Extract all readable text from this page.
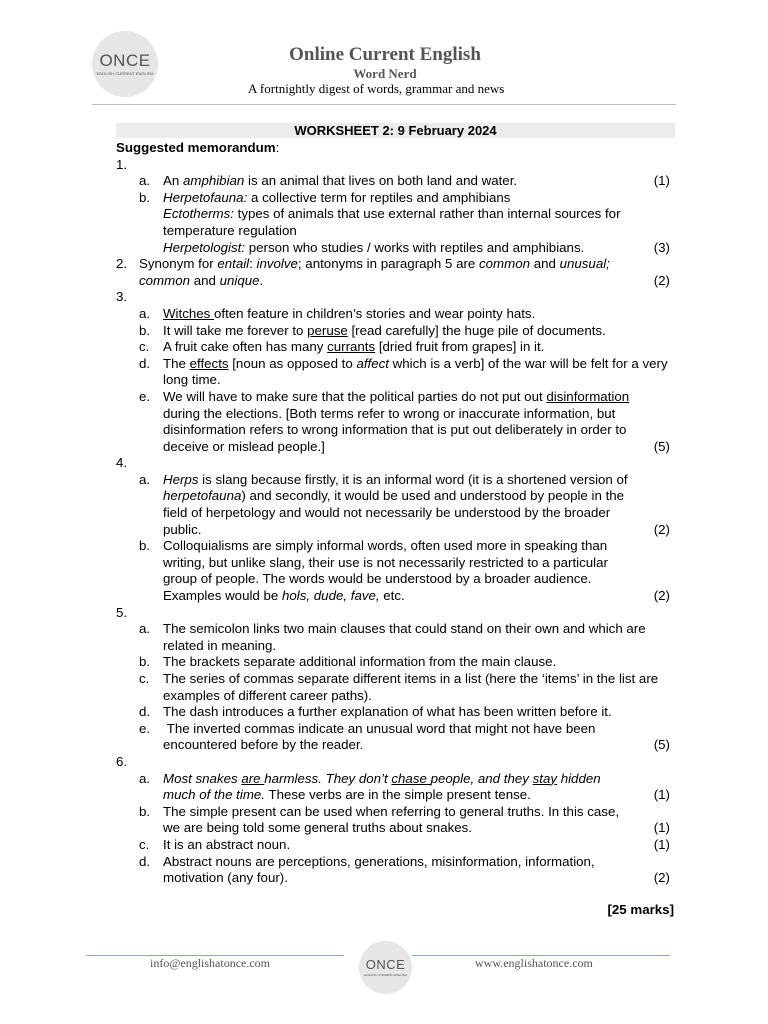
ONCE
ENGLISH CURRENT ENGLISH
Online Current English
Word Nerd
A fortnightly digest of words, grammar and news
WORKSHEET 2: 9 February 2024

Suggested memorandum:

1.
a. An amphibian is an animal that lives on both land and water.	(1)
b. Herpetofauna: a collective term for reptiles and amphibians
Ectotherms: types of animals that use external rather than internal sources for temperature regulation
Herpetologist: person who studies / works with reptiles and amphibians.	(3)
2. Synonym for entail: involve; antonyms in paragraph 5 are common and unusual;
common and unique.	(2)
3.
a. Witches often feature in children’s stories and wear pointy hats.
b. It will take me forever to peruse [read carefully] the huge pile of documents.
c.	A fruit cake often has many currants [dried fruit from grapes] in it.
d. The effects [noun as opposed to affect which is a verb] of the war will be felt for a very long time.
e. We will have to make sure that the political parties do not put out disinformation during the elections. [Both terms refer to wrong or inaccurate information, but disinformation refers to wrong information that is put out deliberately in order to deceive or mislead people.]	(5)
4.
a. Herps is slang because firstly, it is an informal word (it is a shortened version of herpetofauna) and secondly, it would be used and understood by people in the field of herpetology and would not necessarily be understood by the broader public.	(2)
b. Colloquialisms are simply informal words, often used more in speaking than writing, but unlike slang, their use is not necessarily restricted to a particular group of people. The words would be understood by a broader audience. Examples would be hols, dude, fave, etc.	(2)
5.
a. The semicolon links two main clauses that could stand on their own and which are related in meaning.
b. The brackets separate additional information from the main clause.
c.	The series of commas separate different items in a list (here the ‘items’ in the list are examples of different career paths).
d. The dash introduces a further explanation of what has been written before it.
e. The inverted commas indicate an unusual word that might not have been encountered before by the reader.	(5)
6.
a. Most snakes are harmless. They don’t chase people, and they stay hidden much of the time. These verbs are in the simple present tense.	(1)
b. The simple present can be used when referring to general truths. In this case, we are being told some general truths about snakes.	(1)
c.	It is an abstract noun.	(1)
d. Abstract nouns are perceptions, generations, misinformation, information, motivation (any four).	(2)
[25 marks]
info@englishatonce.com	www.englishatonce.com
ONCE
ENGLISH CURRENT ENGLISH
